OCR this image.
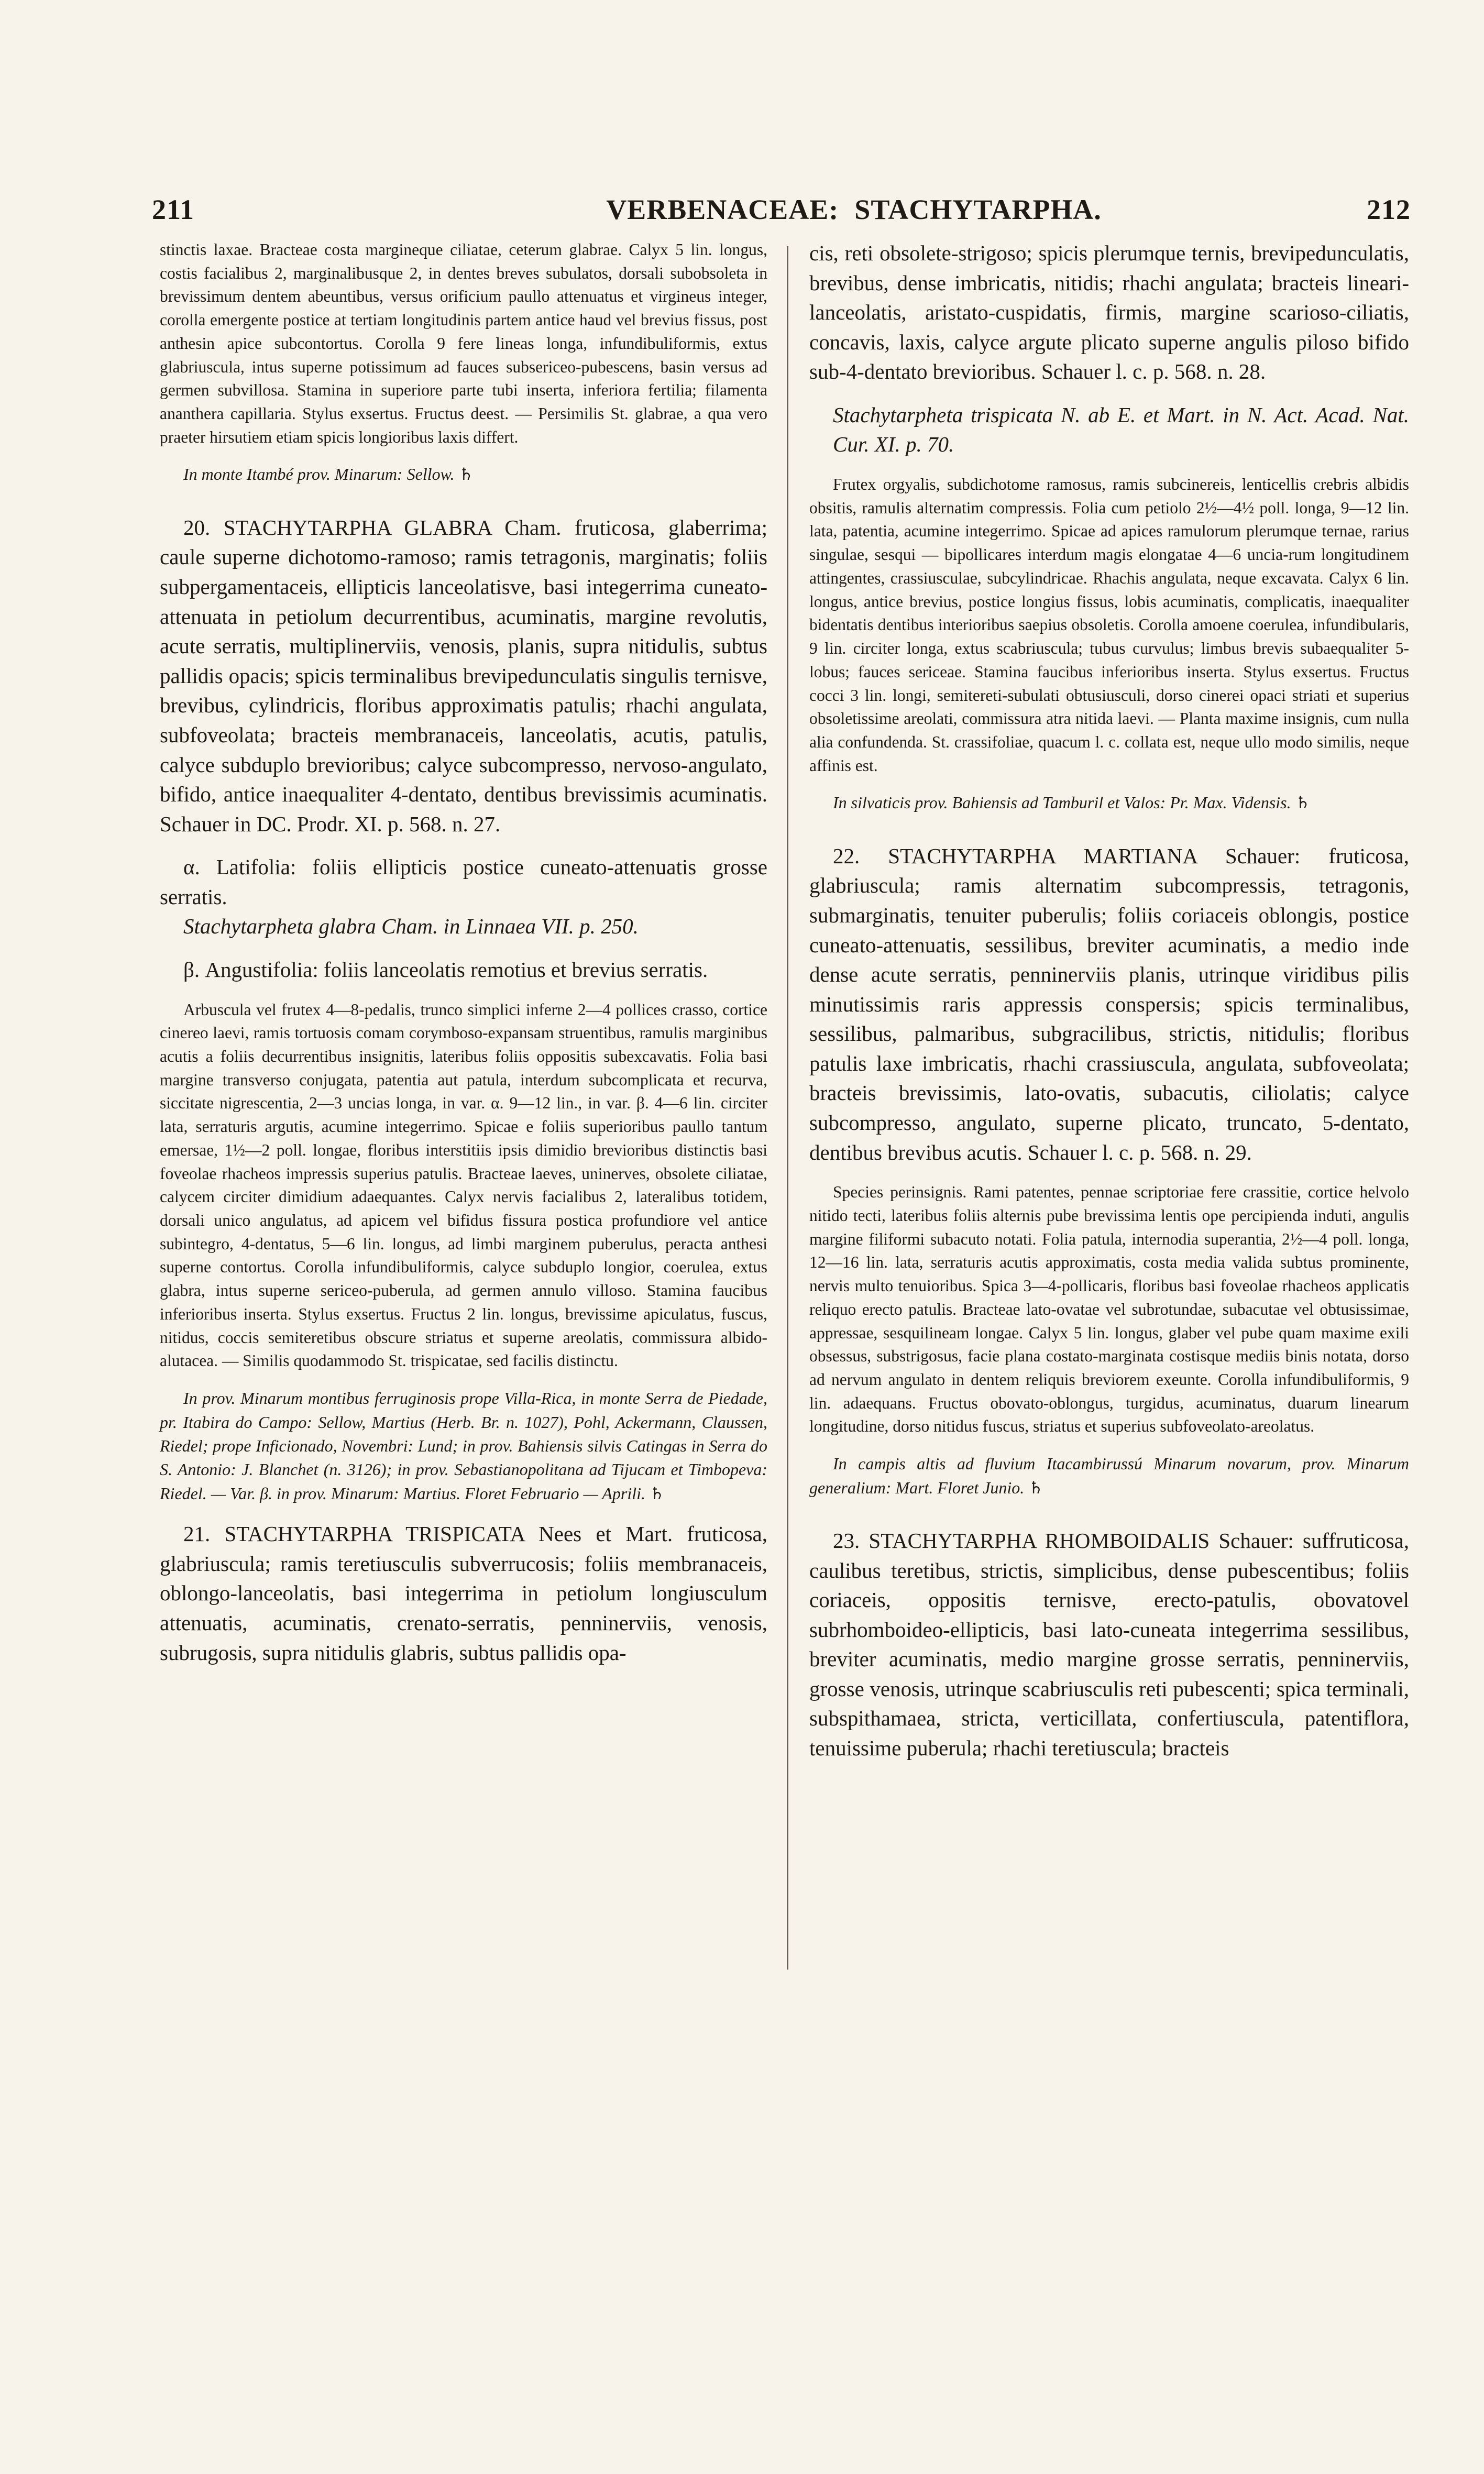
211	VERBENACEAE: STACHYTARPHA.	212

stinctis laxae. Bracteae costa margineque ciliatae, ceterum glabrae. Calyx 5 lin. longus, costis facialibus 2, marginalibusque 2, in dentes breves subulatos, dorsali subobsoleta in brevissimum dentem abeuntibus, versus orificium paullo attenuatus et virgineus integer, corolla emergente postice at tertiam longitudinis partem antice haud vel brevius fissus, post anthesin apice subcontortus. Corolla 9 fere lineas longa, infundibuliformis, extus glabriuscula, intus superne potissimum ad fauces subsericeo-pubescens, basin versus ad germen subvillosa. Stamina in superiore parte tubi inserta, inferiora fertilia; filamenta ananthera capillaria. Stylus exsertus. Fructus deest. — Persimilis St. glabrae, a qua vero praeter hirsutiem etiam spicis longioribus laxis differt.

In monte Itambé prov. Minarum: Sellow. ♄

20. STACHYTARPHA GLABRA Cham. fruticosa, glaberrima; caule superne dichotomo-ramoso; ramis tetragonis, marginatis; foliis subpergamentaceis, ellipticis lanceolatisve, basi integerrima cuneato-attenuata in petiolum decurrentibus, acuminatis, margine revolutis, acute serratis, multiplinerviis, venosis, planis, supra nitidulis, subtus pallidis opacis; spicis terminalibus brevipedunculatis singulis ternisve, brevibus, cylindricis, floribus approximatis patulis; rhachi angulata, subfoveolata; bracteis membranaceis, lanceolatis, acutis, patulis, calyce subduplo brevioribus; calyce subcompresso, nervoso-angulato, bifido, antice inaequaliter 4-dentato, dentibus brevissimis acuminatis. Schauer in DC. Prodr. XI. p. 568. n. 27.

α. Latifolia: foliis ellipticis postice cuneato-attenuatis grosse serratis.

Stachytarpheta glabra Cham. in Linnaea VII. p. 250.

β. Angustifolia: foliis lanceolatis remotius et brevius serratis.

Arbuscula vel frutex 4—8-pedalis, trunco simplici inferne 2—4 pollices crasso, cortice cinereo laevi, ramis tortuosis comam corymboso-expansam struentibus, ramulis marginibus acutis a foliis decurrentibus insignitis, lateribus foliis oppositis subexcavatis. Folia basi margine transverso conjugata, patentia aut patula, interdum subcomplicata et recurva, siccitate nigrescentia, 2—3 uncias longa, in var. α. 9—12 lin., in var. β. 4—6 lin. circiter lata, serraturis argutis, acumine integerrimo. Spicae e foliis superioribus paullo tantum emersae, 1½—2 poll. longae, floribus interstitiis ipsis dimidio brevioribus distinctis basi foveolae rhacheos impressis superius patulis. Bracteae laeves, uninerves, obsolete ciliatae, calycem circiter dimidium adaequantes. Calyx nervis facialibus 2, lateralibus totidem, dorsali unico angulatus, ad apicem vel bifidus fissura postica profundiore vel antice subintegro, 4-dentatus, 5—6 lin. longus, ad limbi marginem puberulus, peracta anthesi superne contortus. Corolla infundibuliformis, calyce subduplo longior, coerulea, extus glabra, intus superne sericeo-puberula, ad germen annulo villoso. Stamina faucibus inferioribus inserta. Stylus exsertus. Fructus 2 lin. longus, brevissime apiculatus, fuscus, nitidus, coccis semiteretibus obscure striatus et superne areolatis, commissura albido-alutacea. — Similis quodammodo St. trispicatae, sed facilis distinctu.

In prov. Minarum montibus ferruginosis prope Villa-Rica, in monte Serra de Piedade, pr. Itabira do Campo: Sellow, Martius (Herb. Br. n. 1027), Pohl, Ackermann, Claussen, Riedel; prope Inficionado, Novembri: Lund; in prov. Bahiensis silvis Catingas in Serra do S. Antonio: J. Blanchet (n. 3126); in prov. Sebastianopolitana ad Tijucam et Timbopeva: Riedel. — Var. β. in prov. Minarum: Martius. Floret Februario — Aprili. ♄

21. STACHYTARPHA TRISPICATA Nees et Mart. fruticosa, glabriuscula; ramis teretiusculis subverrucosis; foliis membranaceis, oblongo-lanceolatis, basi integerrima in petiolum longiusculum attenuatis, acuminatis, crenato-serratis, penninerviis, venosis, subrugosis, supra nitidulis glabris, subtus pallidis opa-

cis, reti obsolete-strigoso; spicis plerumque ternis, brevipedunculatis, brevibus, dense imbricatis, nitidis; rhachi angulata; bracteis lineari-lanceolatis, aristato-cuspidatis, firmis, margine scarioso-ciliatis, concavis, laxis, calyce argute plicato superne angulis piloso bifido sub-4-dentato brevioribus. Schauer l. c. p. 568. n. 28.

Stachytarpheta trispicata N. ab E. et Mart. in N. Act. Acad. Nat. Cur. XI. p. 70.

Frutex orgyalis, subdichotome ramosus, ramis subcinereis, lenticellis crebris albidis obsitis, ramulis alternatim compressis. Folia cum petiolo 2½—4½ poll. longa, 9—12 lin. lata, patentia, acumine integerrimo. Spicae ad apices ramulorum plerumque ternae, rarius singulae, sesqui — bipollicares interdum magis elongatae 4—6 uncia-rum longitudinem attingentes, crassiusculae, subcylindricae. Rhachis angulata, neque excavata. Calyx 6 lin. longus, antice brevius, postice longius fissus, lobis acuminatis, complicatis, inaequaliter bidentatis dentibus interioribus saepius obsoletis. Corolla amoene coerulea, infundibularis, 9 lin. circiter longa, extus scabriuscula; tubus curvulus; limbus brevis subaequaliter 5-lobus; fauces sericeae. Stamina faucibus inferioribus inserta. Stylus exsertus. Fructus cocci 3 lin. longi, semitereti-subulati obtusiusculi, dorso cinerei opaci striati et superius obsoletissime areolati, commissura atra nitida laevi. — Planta maxime insignis, cum nulla alia confundenda. St. crassifoliae, quacum l. c. collata est, neque ullo modo similis, neque affinis est.

In silvaticis prov. Bahiensis ad Tamburil et Valos: Pr. Max. Vidensis. ♄

22. STACHYTARPHA MARTIANA Schauer: fruticosa, glabriuscula; ramis alternatim subcompressis, tetragonis, submarginatis, tenuiter puberulis; foliis coriaceis oblongis, postice cuneato-attenuatis, sessilibus, breviter acuminatis, a medio inde dense acute serratis, penninerviis planis, utrinque viridibus pilis minutissimis raris appressis conspersis; spicis terminalibus, sessilibus, palmaribus, subgracilibus, strictis, nitidulis; floribus patulis laxe imbricatis, rhachi crassiuscula, angulata, subfoveolata; bracteis brevissimis, lato-ovatis, subacutis, ciliolatis; calyce subcompresso, angulato, superne plicato, truncato, 5-dentato, dentibus brevibus acutis. Schauer l. c. p. 568. n. 29.

Species perinsignis. Rami patentes, pennae scriptoriae fere crassitie, cortice helvolo nitido tecti, lateribus foliis alternis pube brevissima lentis ope percipienda induti, angulis margine filiformi subacuto notati. Folia patula, internodia superantia, 2½—4 poll. longa, 12—16 lin. lata, serraturis acutis approximatis, costa media valida subtus prominente, nervis multo tenuioribus. Spica 3—4-pollicaris, floribus basi foveolae rhacheos applicatis reliquo erecto patulis. Bracteae lato-ovatae vel subrotundae, subacutae vel obtusissimae, appressae, sesquilineam longae. Calyx 5 lin. longus, glaber vel pube quam maxime exili obsessus, substrigosus, facie plana costato-marginata costisque mediis binis notata, dorso ad nervum angulato in dentem reliquis breviorem exeunte. Corolla infundibuliformis, 9 lin. adaequans. Fructus obovato-oblongus, turgidus, acuminatus, duarum linearum longitudine, dorso nitidus fuscus, striatus et superius subfoveolato-areolatus.

In campis altis ad fluvium Itacambirussú Minarum novarum, prov. Minarum generalium: Mart. Floret Junio. ♄

23. STACHYTARPHA RHOMBOIDALIS Schauer: suffruticosa, caulibus teretibus, strictis, simplicibus, dense pubescentibus; foliis coriaceis, oppositis ternisve, erecto-patulis, obovatovel subrhomboideo-ellipticis, basi lato-cuneata integerrima sessilibus, breviter acuminatis, medio margine grosse serratis, penninerviis, grosse venosis, utrinque scabriusculis reti pubescenti; spica terminali, subspithamaea, stricta, verticillata, confertiuscula, patentiflora, tenuissime puberula; rhachi teretiuscula; bracteis
